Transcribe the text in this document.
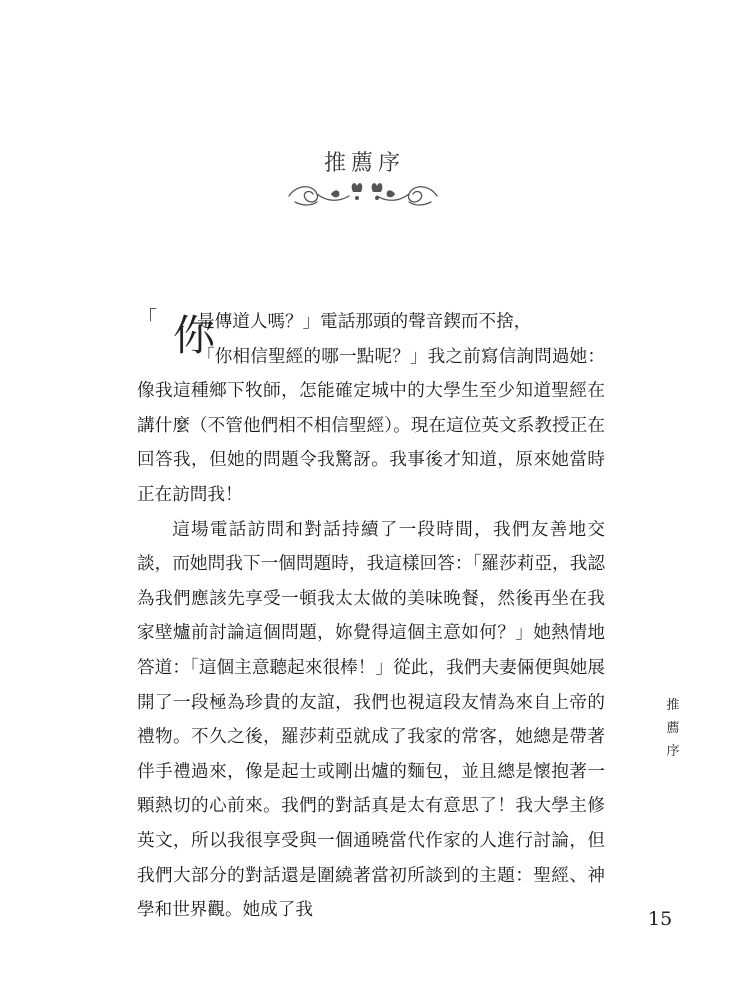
推薦序
「 你

是傳道人嗎？」電話那頭的聲音鍥而不捨，
「你相信聖經的哪一點呢？」我之前寫信詢問過她：像我這種鄉下牧師，怎能確定城中的大學生至少知道聖經在講什麼（不管他們相不相信聖經）。現在這位英文系教授正在回答我，但她的問題令我驚訝。我事後才知道，原來她當時正在訪問我！

這場電話訪問和對話持續了一段時間，我們友善地交談，而她問我下一個問題時，我這樣回答：「羅莎莉亞，我認為我們應該先享受一頓我太太做的美味晚餐，然後再坐在我家壁爐前討論這個問題，妳覺得這個主意如何？」她熱情地答道：「這個主意聽起來很棒！」從此，我們夫妻倆便與她展開了一段極為珍貴的友誼，我們也視這段友情為來自上帝的禮物。不久之後，羅莎莉亞就成了我家的常客，她總是帶著伴手禮過來，像是起士或剛出爐的麵包，並且總是懷抱著一顆熱切的心前來。我們的對話真是太有意思了！我大學主修英文，所以我很享受與一個通曉當代作家的人進行討論，但我們大部分的對話還是圍繞著當初所談到的主題：聖經、神學和世界觀。她成了我

推薦序
15
